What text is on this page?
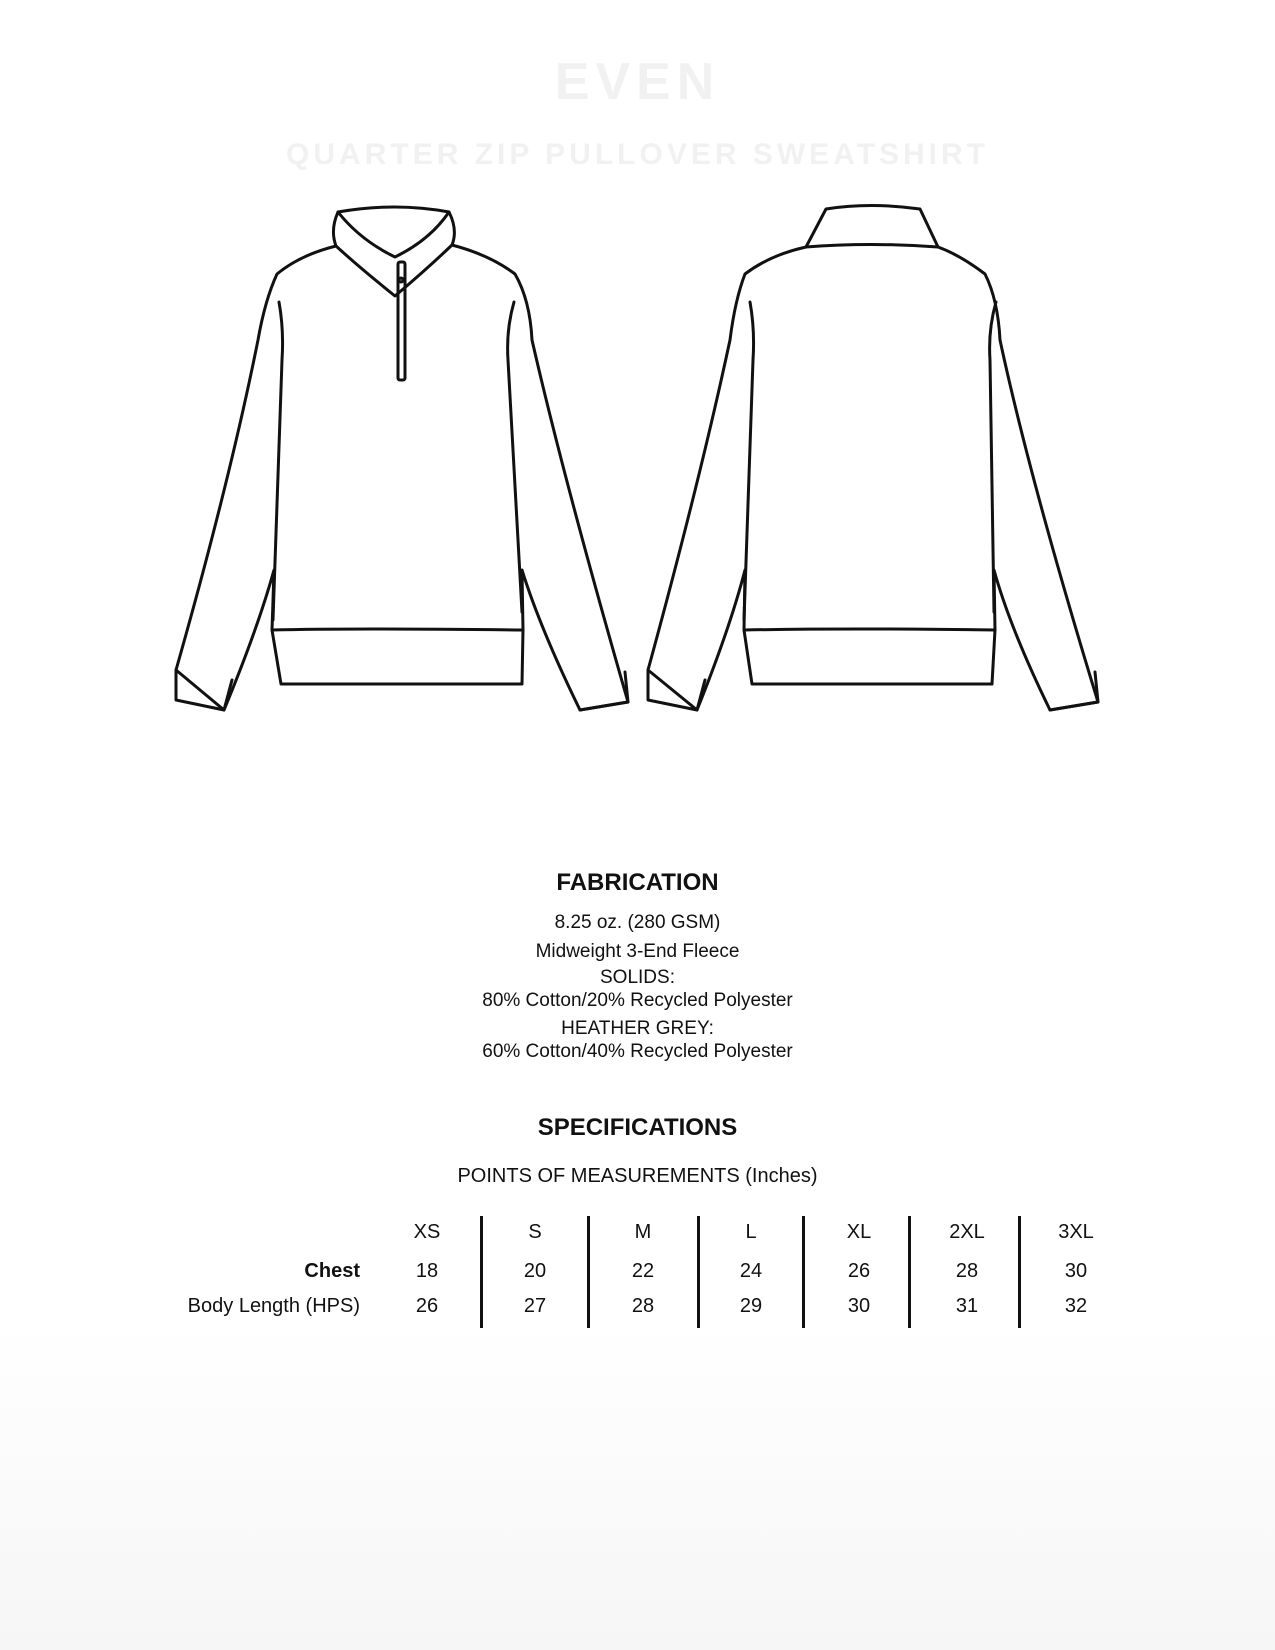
EVEN
QUARTER ZIP PULLOVER SWEATSHIRT
FABRICATION
8.25 oz. (280 GSM)
Midweight 3-End Fleece
SOLIDS:
80% Cotton/20% Recycled Polyester
HEATHER GREY:
60% Cotton/40% Recycled Polyester
SPECIFICATIONS
POINTS OF MEASUREMENTS (Inches)
XS	S	M	L	XL	2XL	3XL
Chest	18	20	22	24	26	28	30
Body Length (HPS)	26	27	28	29	30	31	32
